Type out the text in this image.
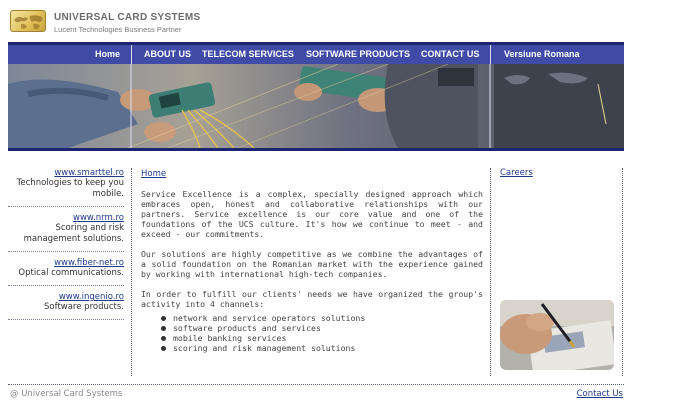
UNIVERSAL CARD SYSTEMS
Lucent Technologies Business Partner
Home	ABOUT US TELECOM SERVICES SOFTWARE PRODUCTS CONTACT US	Versiune Romana
www.smarttel.ro
Technologies to keep you mobile.
www.nrm.ro
Scoring and risk management solutions.
www.fiber-net.ro
Optical communications.
www.ingenio.ro
Software products.
Home

Service Excellence is a complex, specially designed approach which embraces open, honest and collaborative relationships with our partners. Service excellence is our core value and one of the foundations of the UCS culture. It's how we continue to meet - and exceed - our commitments.

Our solutions are highly competitive as we combine the advantages of a solid foundation on the Romanian market with the experience gained by working with international high-tech companies.

In order to fulfill our clients' needs we have organized the group's activity into 4 channels:

network and service operators solutions
software products and services
mobile banking services
scoring and risk management solutions
Careers
@ Universal Card Systems	Contact Us
